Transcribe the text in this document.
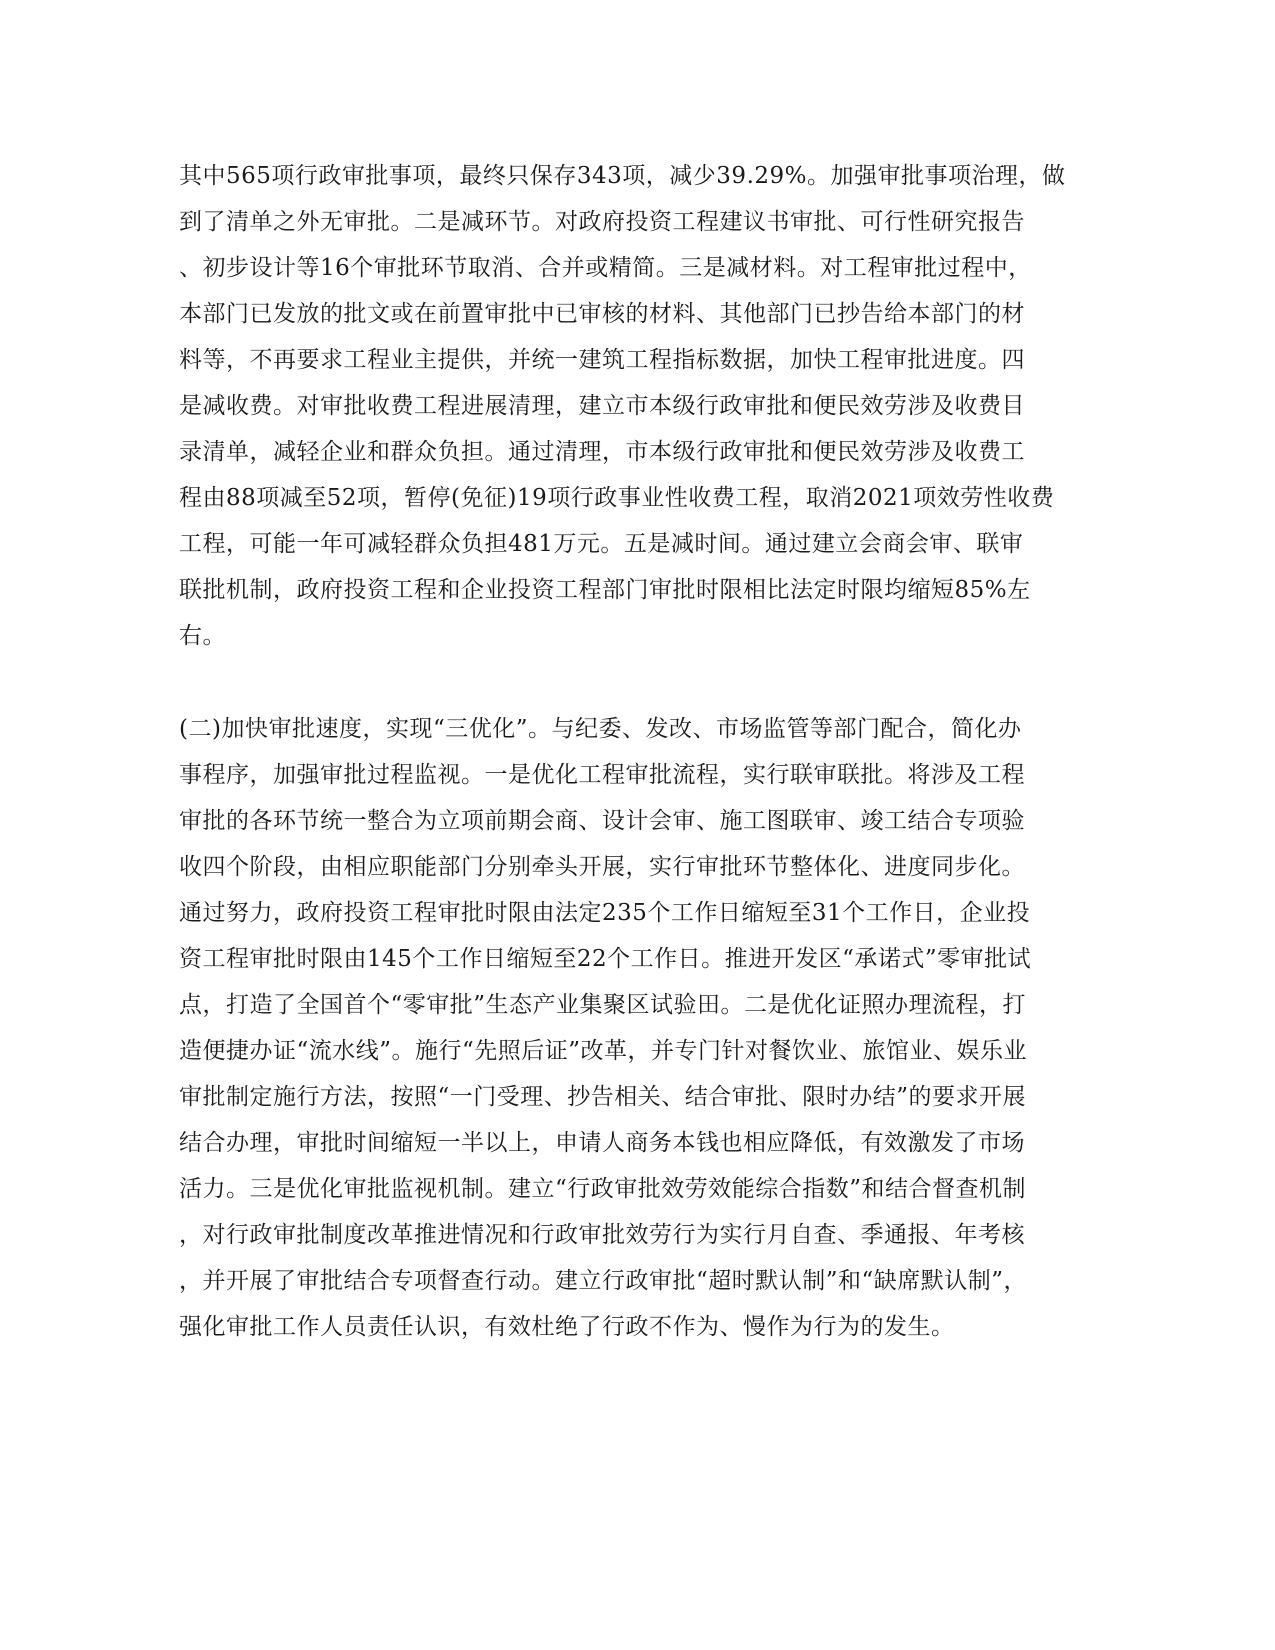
其中565项行政审批事项，最终只保存343项，减少39.29%。加强审批事项治理，做
到了清单之外无审批。二是减环节。对政府投资工程建议书审批、可行性研究报告
、初步设计等16个审批环节取消、合并或精简。三是减材料。对工程审批过程中，
本部门已发放的批文或在前置审批中已审核的材料、其他部门已抄告给本部门的材
料等，不再要求工程业主提供，并统一建筑工程指标数据，加快工程审批进度。四
是减收费。对审批收费工程进展清理，建立市本级行政审批和便民效劳涉及收费目
录清单，减轻企业和群众负担。通过清理，市本级行政审批和便民效劳涉及收费工
程由88项减至52项，暂停(免征)19项行政事业性收费工程，取消2021项效劳性收费
工程，可能一年可减轻群众负担481万元。五是减时间。通过建立会商会审、联审
联批机制，政府投资工程和企业投资工程部门审批时限相比法定时限均缩短85%左
右。
(二)加快审批速度，实现“三优化”。与纪委、发改、市场监管等部门配合，简化办
事程序，加强审批过程监视。一是优化工程审批流程，实行联审联批。将涉及工程
审批的各环节统一整合为立项前期会商、设计会审、施工图联审、竣工结合专项验
收四个阶段，由相应职能部门分别牵头开展，实行审批环节整体化、进度同步化。
通过努力，政府投资工程审批时限由法定235个工作日缩短至31个工作日，企业投
资工程审批时限由145个工作日缩短至22个工作日。推进开发区“承诺式”零审批试
点，打造了全国首个“零审批”生态产业集聚区试验田。二是优化证照办理流程，打
造便捷办证“流水线”。施行“先照后证”改革，并专门针对餐饮业、旅馆业、娱乐业
审批制定施行方法，按照“一门受理、抄告相关、结合审批、限时办结”的要求开展
结合办理，审批时间缩短一半以上，申请人商务本钱也相应降低，有效激发了市场
活力。三是优化审批监视机制。建立“行政审批效劳效能综合指数”和结合督查机制
，对行政审批制度改革推进情况和行政审批效劳行为实行月自查、季通报、年考核
，并开展了审批结合专项督查行动。建立行政审批“超时默认制”和“缺席默认制”，
强化审批工作人员责任认识，有效杜绝了行政不作为、慢作为行为的发生。
